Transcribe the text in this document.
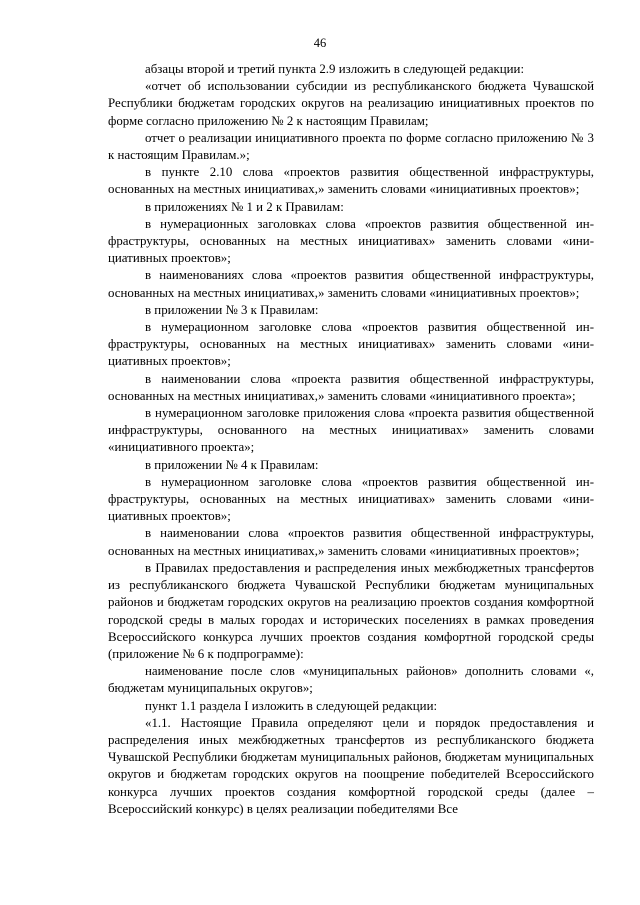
46

абзацы второй и третий пункта 2.9 изложить в следующей редакции:

«отчет об использовании субсидии из республиканского бюджета Чувашской Республики бюджетам городских округов на реализацию инициативных проектов по форме согласно приложению № 2 к настоящим Правилам;

отчет о реализации инициативного проекта по форме согласно приложению № 3 к настоящим Правилам.»;

в пункте 2.10 слова «проектов развития общественной инфраструктуры, основанных на местных инициативах,» заменить словами «инициативных проектов»;

в приложениях № 1 и 2 к Правилам:

в нумерационных заголовках слова «проектов развития общественной инфраструктуры, основанных на местных инициативах» заменить словами «инициативных проектов»;

в наименованиях слова «проектов развития общественной инфраструктуры, основанных на местных инициативах,» заменить словами «инициативных проектов»;

в приложении № 3 к Правилам:

в нумерационном заголовке слова «проектов развития общественной инфраструктуры, основанных на местных инициативах» заменить словами «инициативных проектов»;

в наименовании слова «проекта развития общественной инфраструктуры, основанных на местных инициативах,» заменить словами «инициативного проекта»;

в нумерационном заголовке приложения слова «проекта развития общественной инфраструктуры, основанного на местных инициативах» заменить словами «инициативного проекта»;

в приложении № 4 к Правилам:

в нумерационном заголовке слова «проектов развития общественной инфраструктуры, основанных на местных инициативах» заменить словами «инициативных проектов»;

в наименовании слова «проектов развития общественной инфраструктуры, основанных на местных инициативах,» заменить словами «инициативных проектов»;

в Правилах предоставления и распределения иных межбюджетных трансфертов из республиканского бюджета Чувашской Республики бюджетам муниципальных районов и бюджетам городских округов на реализацию проектов создания комфортной городской среды в малых городах и исторических поселениях в рамках проведения Всероссийского конкурса лучших проектов создания комфортной городской среды (приложение № 6 к подпрограмме):

наименование после слов «муниципальных районов» дополнить словами «, бюджетам муниципальных округов»;

пункт 1.1 раздела I изложить в следующей редакции:

«1.1. Настоящие Правила определяют цели и порядок предоставления и распределения иных межбюджетных трансфертов из республиканского бюджета Чувашской Республики бюджетам муниципальных районов, бюджетам муниципальных округов и бюджетам городских округов на поощрение победителей Всероссийского конкурса лучших проектов создания комфортной городской среды (далее – Всероссийский конкурс) в целях реализации победителями Все
